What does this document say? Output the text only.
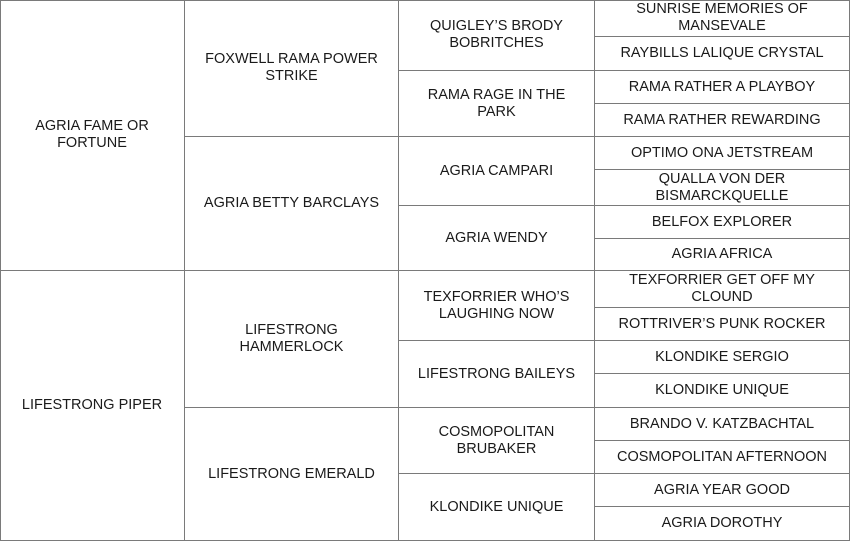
AGRIA FAME OR FORTUNE
LIFESTRONG PIPER
FOXWELL RAMA POWER STRIKE
AGRIA BETTY BARCLAYS
LIFESTRONG HAMMERLOCK
LIFESTRONG EMERALD
QUIGLEY’S BRODY BOBRITCHES
RAMA RAGE IN THE PARK
AGRIA CAMPARI
AGRIA WENDY
TEXFORRIER WHO’S LAUGHING NOW
LIFESTRONG BAILEYS
COSMOPOLITAN BRUBAKER
KLONDIKE UNIQUE
SUNRISE MEMORIES OF MANSEVALE
RAYBILLS LALIQUE CRYSTAL
RAMA RATHER A PLAYBOY
RAMA RATHER REWARDING
OPTIMO ONA JETSTREAM
QUALLA VON DER BISMARCKQUELLE
BELFOX EXPLORER
AGRIA AFRICA
TEXFORRIER GET OFF MY CLOUND
ROTTRIVER’S PUNK ROCKER
KLONDIKE SERGIO
KLONDIKE UNIQUE
BRANDO V. KATZBACHTAL
COSMOPOLITAN AFTERNOON
AGRIA YEAR GOOD
AGRIA DOROTHY
